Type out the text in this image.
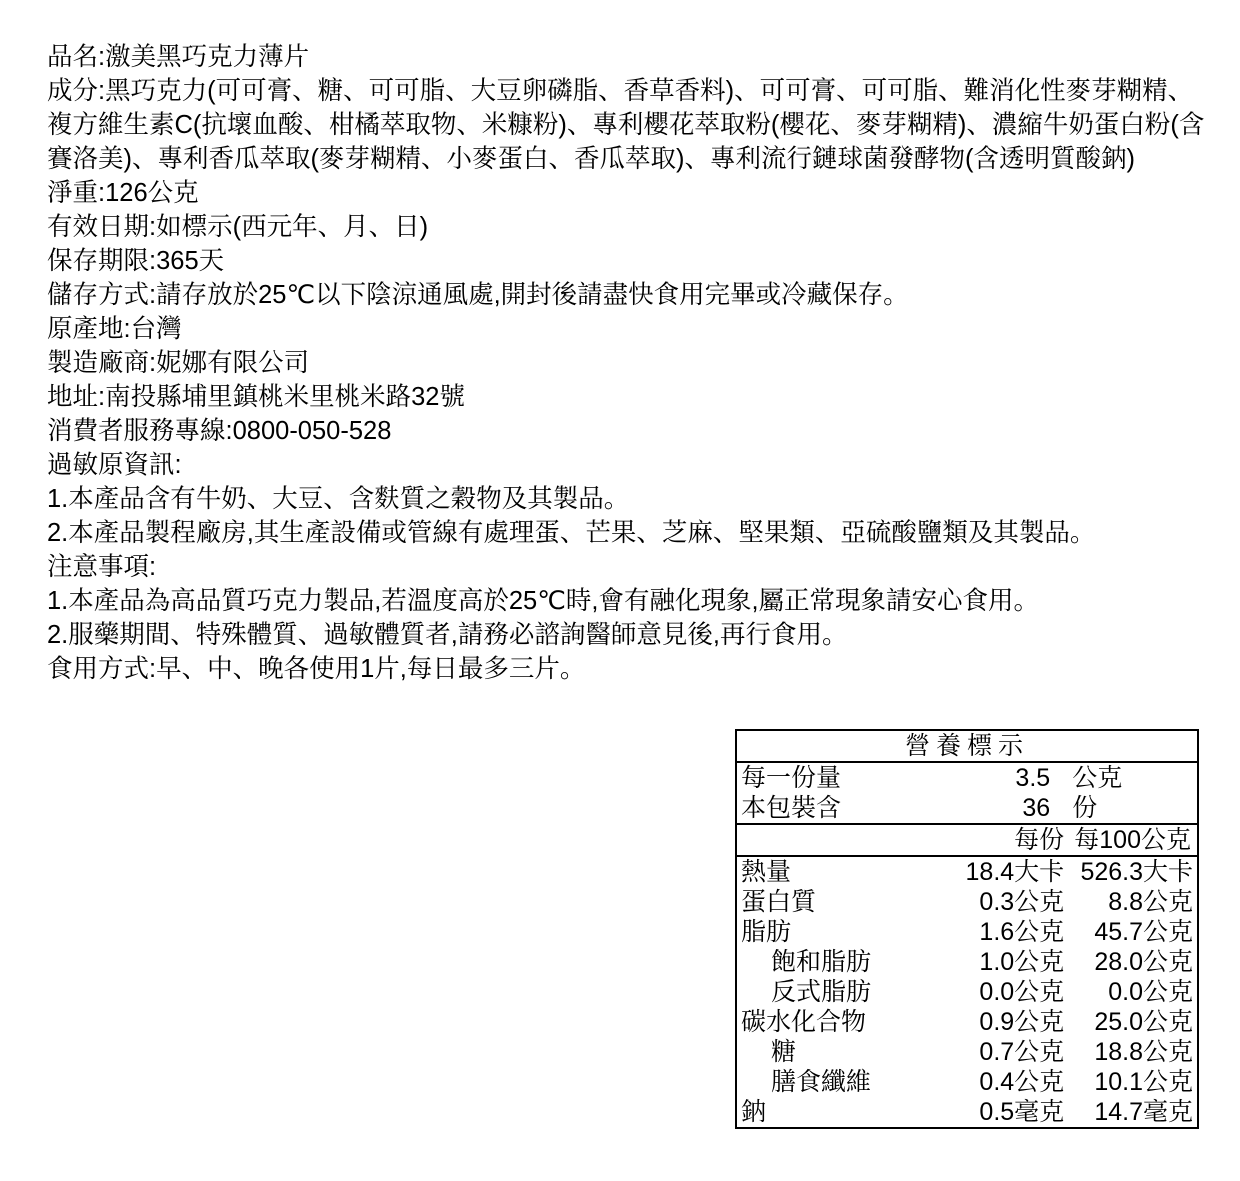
品名:激美黑巧克力薄片
成分:黑巧克力(可可膏、糖、可可脂、大豆卵磷脂、香草香料)、可可膏、可可脂、難消化性麥芽糊精、複方維生素C(抗壞血酸、柑橘萃取物、米糠粉)、專利櫻花萃取粉(櫻花、麥芽糊精)、濃縮牛奶蛋白粉(含賽洛美)、專利香瓜萃取(麥芽糊精、小麥蛋白、香瓜萃取)、專利流行鏈球菌發酵物(含透明質酸鈉)
淨重:126公克
有效日期:如標示(西元年、月、日)
保存期限:365天
儲存方式:請存放於25℃以下陰涼通風處,開封後請盡快食用完畢或冷藏保存。
原產地:台灣
製造廠商:妮娜有限公司
地址:南投縣埔里鎮桃米里桃米路32號
消費者服務專線:0800-050-528
過敏原資訊:
1.本產品含有牛奶、大豆、含麩質之穀物及其製品。
2.本產品製程廠房,其生產設備或管線有處理蛋、芒果、芝麻、堅果類、亞硫酸鹽類及其製品。
注意事項:
1.本產品為高品質巧克力製品,若溫度高於25℃時,會有融化現象,屬正常現象請安心食用。
2.服藥期間、特殊體質、過敏體質者,請務必諮詢醫師意見後,再行食用。
食用方式:早、中、晚各使用1片,每日最多三片。
營養標示		
每一份量	3.5	公克
本包裝含	36	份
	每份	每100公克
熱量	18.4大卡	526.3大卡
蛋白質	0.3公克	8.8公克
脂肪	1.6公克	45.7公克
飽和脂肪	1.0公克	28.0公克
反式脂肪	0.0公克	0.0公克
碳水化合物	0.9公克	25.0公克
糖	0.7公克	18.8公克
膳食纖維	0.4公克	10.1公克
鈉	0.5毫克	14.7毫克
